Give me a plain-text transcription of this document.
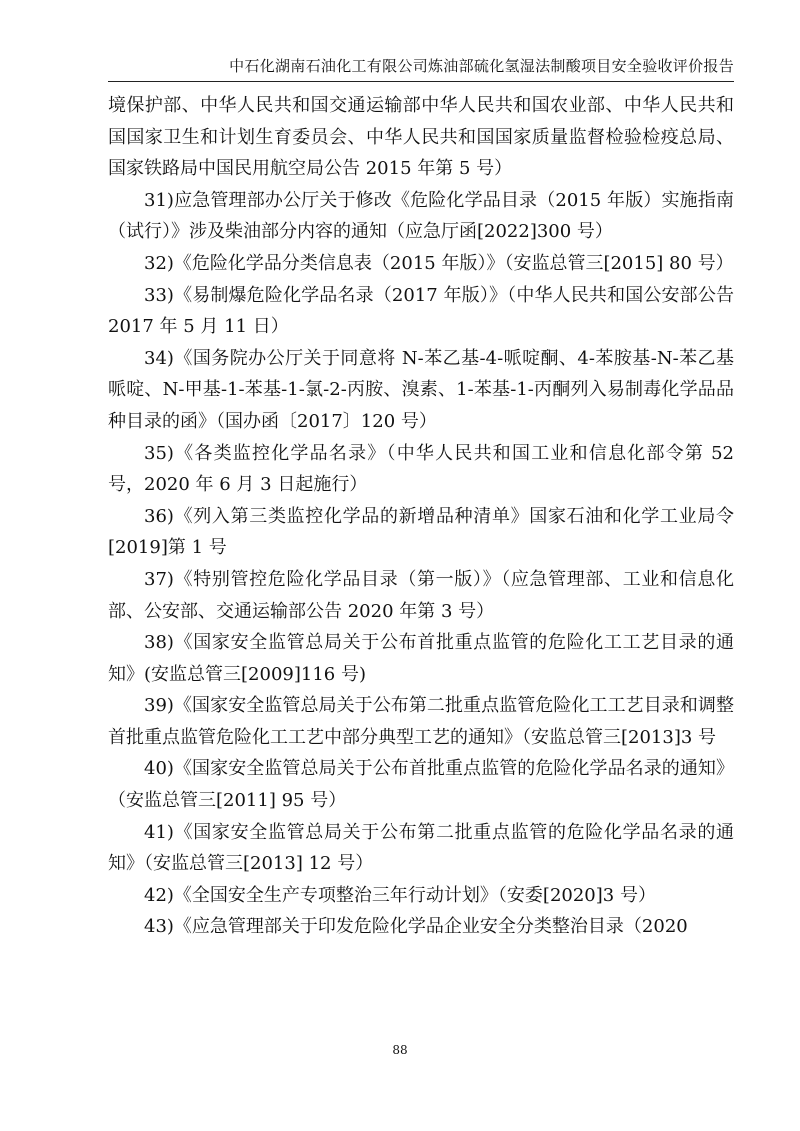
中石化湖南石油化工有限公司炼油部硫化氢湿法制酸项目安全验收评价报告

境保护部、中华人民共和国交通运输部中华人民共和国农业部、中华人民共和国国家卫生和计划生育委员会、中华人民共和国国家质量监督检验检疫总局、国家铁路局中国民用航空局公告 2015 年第 5 号）

31)应急管理部办公厅关于修改《危险化学品目录（2015 年版）实施指南（试行）》涉及柴油部分内容的通知（应急厅函[2022]300 号）

32)《危险化学品分类信息表（2015 年版）》（安监总管三[2015] 80 号）

33)《易制爆危险化学品名录（2017 年版）》（中华人民共和国公安部公告 2017 年 5 月 11 日）

34)《国务院办公厅关于同意将 N-苯乙基-4-哌啶酮、4-苯胺基-N-苯乙基哌啶、N-甲基-1-苯基-1-氯-2-丙胺、溴素、1-苯基-1-丙酮列入易制毒化学品品种目录的函》（国办函〔2017〕120 号）

35)《各类监控化学品名录》（中华人民共和国工业和信息化部令第 52 号，2020 年 6 月 3 日起施行）

36)《列入第三类监控化学品的新增品种清单》国家石油和化学工业局令[2019]第 1 号

37)《特别管控危险化学品目录（第一版）》（应急管理部、工业和信息化部、公安部、交通运输部公告 2020 年第 3 号）

38)《国家安全监管总局关于公布首批重点监管的危险化工工艺目录的通知》(安监总管三[2009]116 号)

39)《国家安全监管总局关于公布第二批重点监管危险化工工艺目录和调整首批重点监管危险化工工艺中部分典型工艺的通知》（安监总管三[2013]3 号

40)《国家安全监管总局关于公布首批重点监管的危险化学品名录的通知》（安监总管三[2011] 95 号）

41)《国家安全监管总局关于公布第二批重点监管的危险化学品名录的通知》（安监总管三[2013] 12 号）

42)《全国安全生产专项整治三年行动计划》（安委[2020]3 号）

43)《应急管理部关于印发危险化学品企业安全分类整治目录（2020

88
